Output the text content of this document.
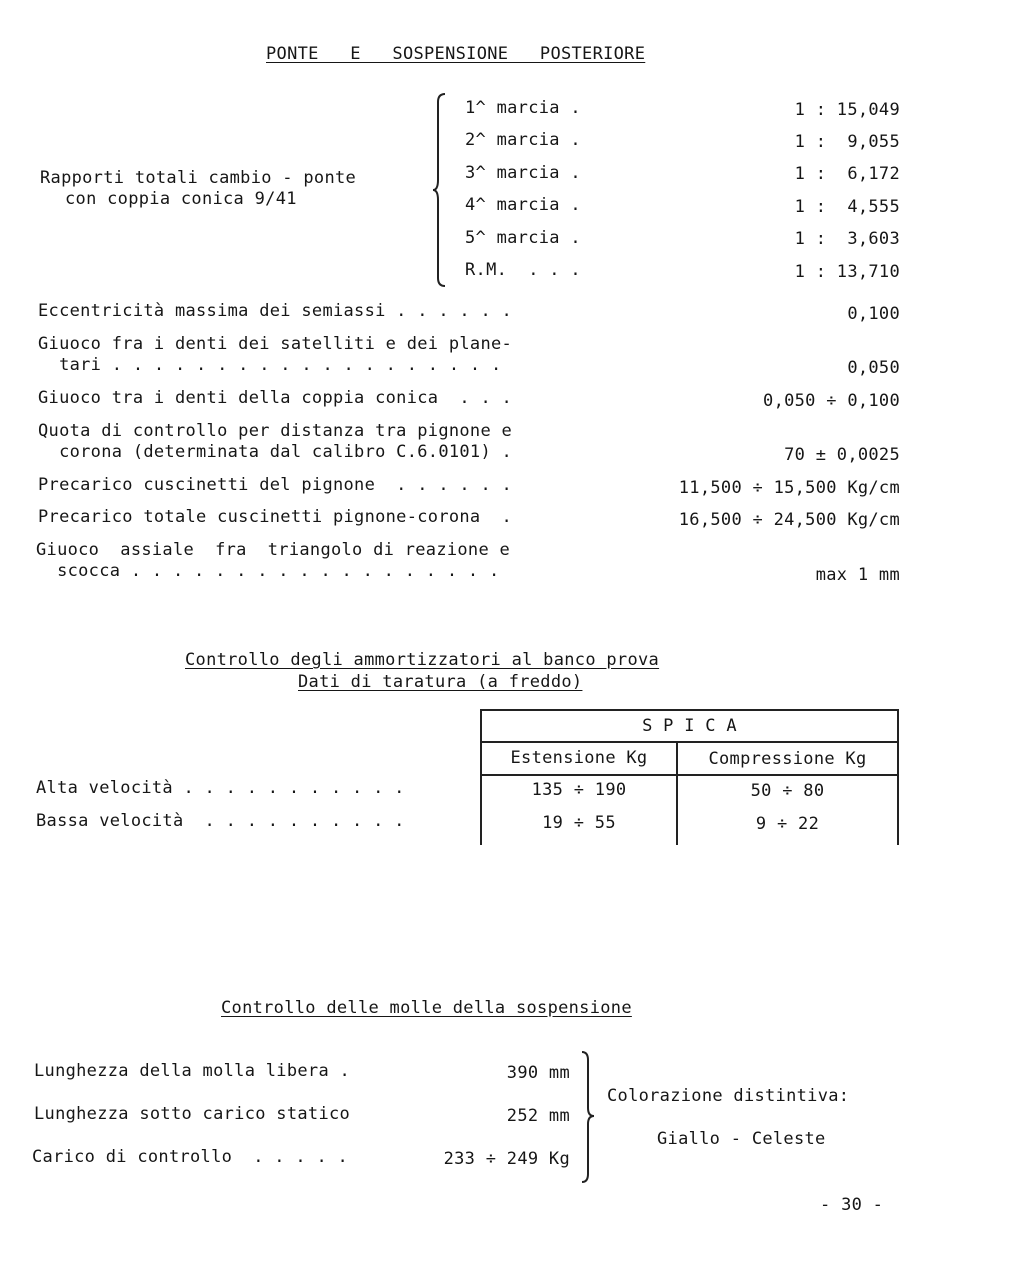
PONTE   E   SOSPENSIONE   POSTERIORE
Rapporti totali cambio - ponte
con coppia conica 9/41
1^ marcia .	1 : 15,049
2^ marcia .	1 :  9,055
3^ marcia .	1 :  6,172
4^ marcia .	1 :  4,555
5^ marcia .	1 :  3,603
R.M.  . . .	1 : 13,710
Eccentricità massima dei semiassi . . . . . .	0,100
Giuoco fra i denti dei satelliti e dei plane-
tari . . . . . . . . . . . . . . . . . . .	0,050
Giuoco tra i denti della coppia conica  . . .	0,050 ÷ 0,100
Quota di controllo per distanza tra pignone e
corona (determinata dal calibro C.6.0101) .	70 ± 0,0025
Precarico cuscinetti del pignone  . . . . . .	11,500 ÷ 15,500 Kg/cm
Precarico totale cuscinetti pignone-corona  .	16,500 ÷ 24,500 Kg/cm
Giuoco  assiale  fra  triangolo di reazione e
scocca . . . . . . . . . . . . . . . . . .	max 1 mm
Controllo degli ammortizzatori al banco prova
Dati di taratura (a freddo)
S P I C A
Estensione Kg	Compressione Kg
Alta velocità . . . . . . . . . . .	135 ÷ 190	50 ÷ 80
Bassa velocità  . . . . . . . . . .	19 ÷ 55	9 ÷ 22
Controllo delle molle della sospensione
Lunghezza della molla libera .	390 mm
Lunghezza sotto carico statico	252 mm
Carico di controllo  . . . . .	233 ÷ 249 Kg
Colorazione distintiva:
Giallo - Celeste
- 30 -
